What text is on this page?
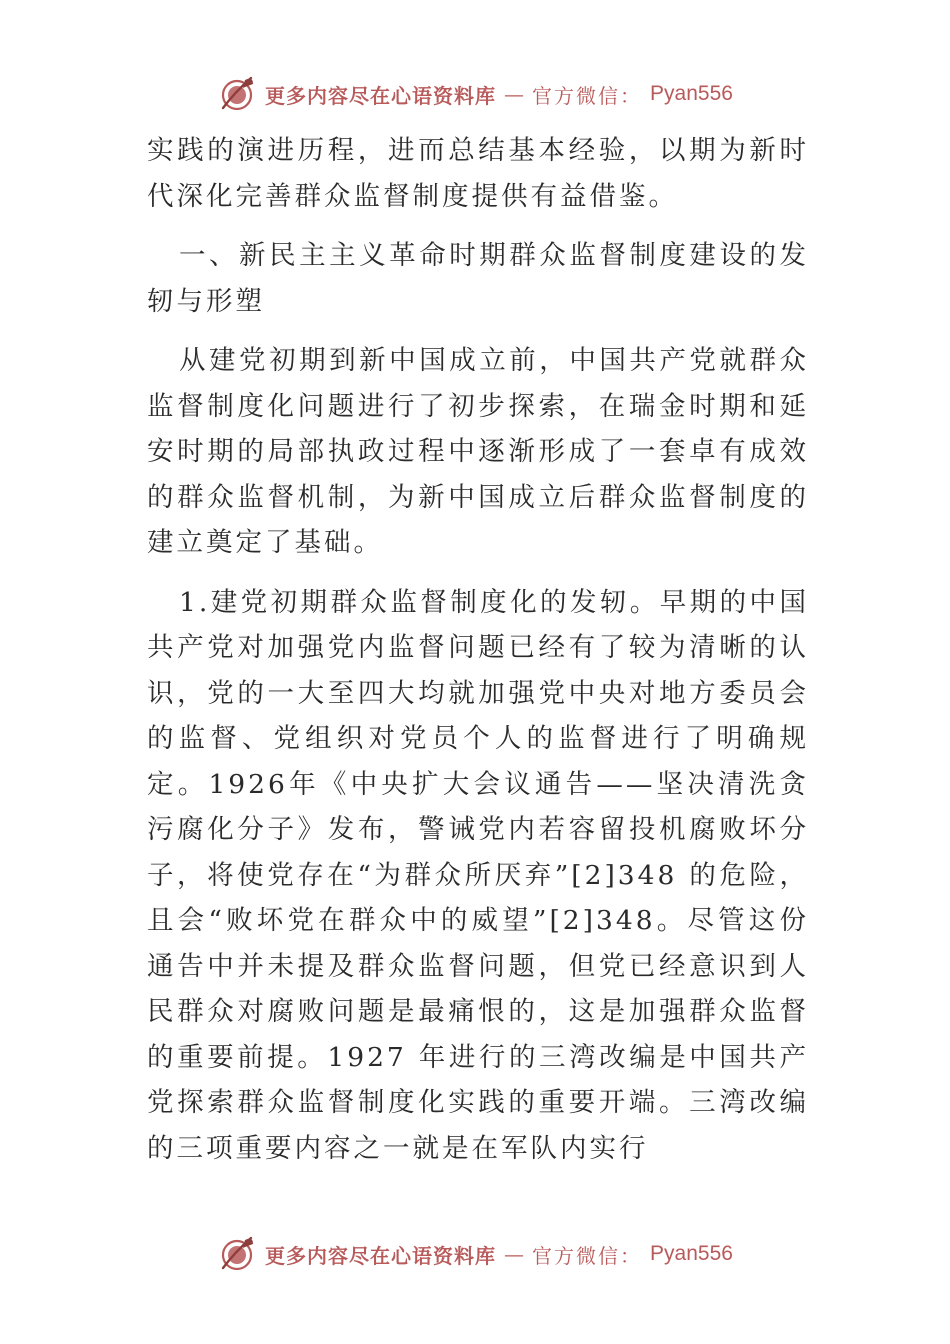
更多内容尽在心语资料库 — 官方微信： Pyan556

实践的演进历程，进而总结基本经验，以期为新时代深化完善群众监督制度提供有益借鉴。

一、新民主主义革命时期群众监督制度建设的发轫与形塑

从建党初期到新中国成立前，中国共产党就群众监督制度化问题进行了初步探索，在瑞金时期和延安时期的局部执政过程中逐渐形成了一套卓有成效的群众监督机制，为新中国成立后群众监督制度的建立奠定了基础。

1.建党初期群众监督制度化的发轫。早期的中国共产党对加强党内监督问题已经有了较为清晰的认识，党的一大至四大均就加强党中央对地方委员会的监督、党组织对党员个人的监督进行了明确规定。1926年《中央扩大会议通告——坚决清洗贪污腐化分子》发布，警诫党内若容留投机腐败坏分子，将使党存在“为群众所厌弃”[2]348 的危险，且会“败坏党在群众中的威望”[2]348。尽管这份通告中并未提及群众监督问题，但党已经意识到人民群众对腐败问题是最痛恨的，这是加强群众监督的重要前提。1927 年进行的三湾改编是中国共产党探索群众监督制度化实践的重要开端。三湾改编的三项重要内容之一就是在军队内实行

更多内容尽在心语资料库 — 官方微信： Pyan556
